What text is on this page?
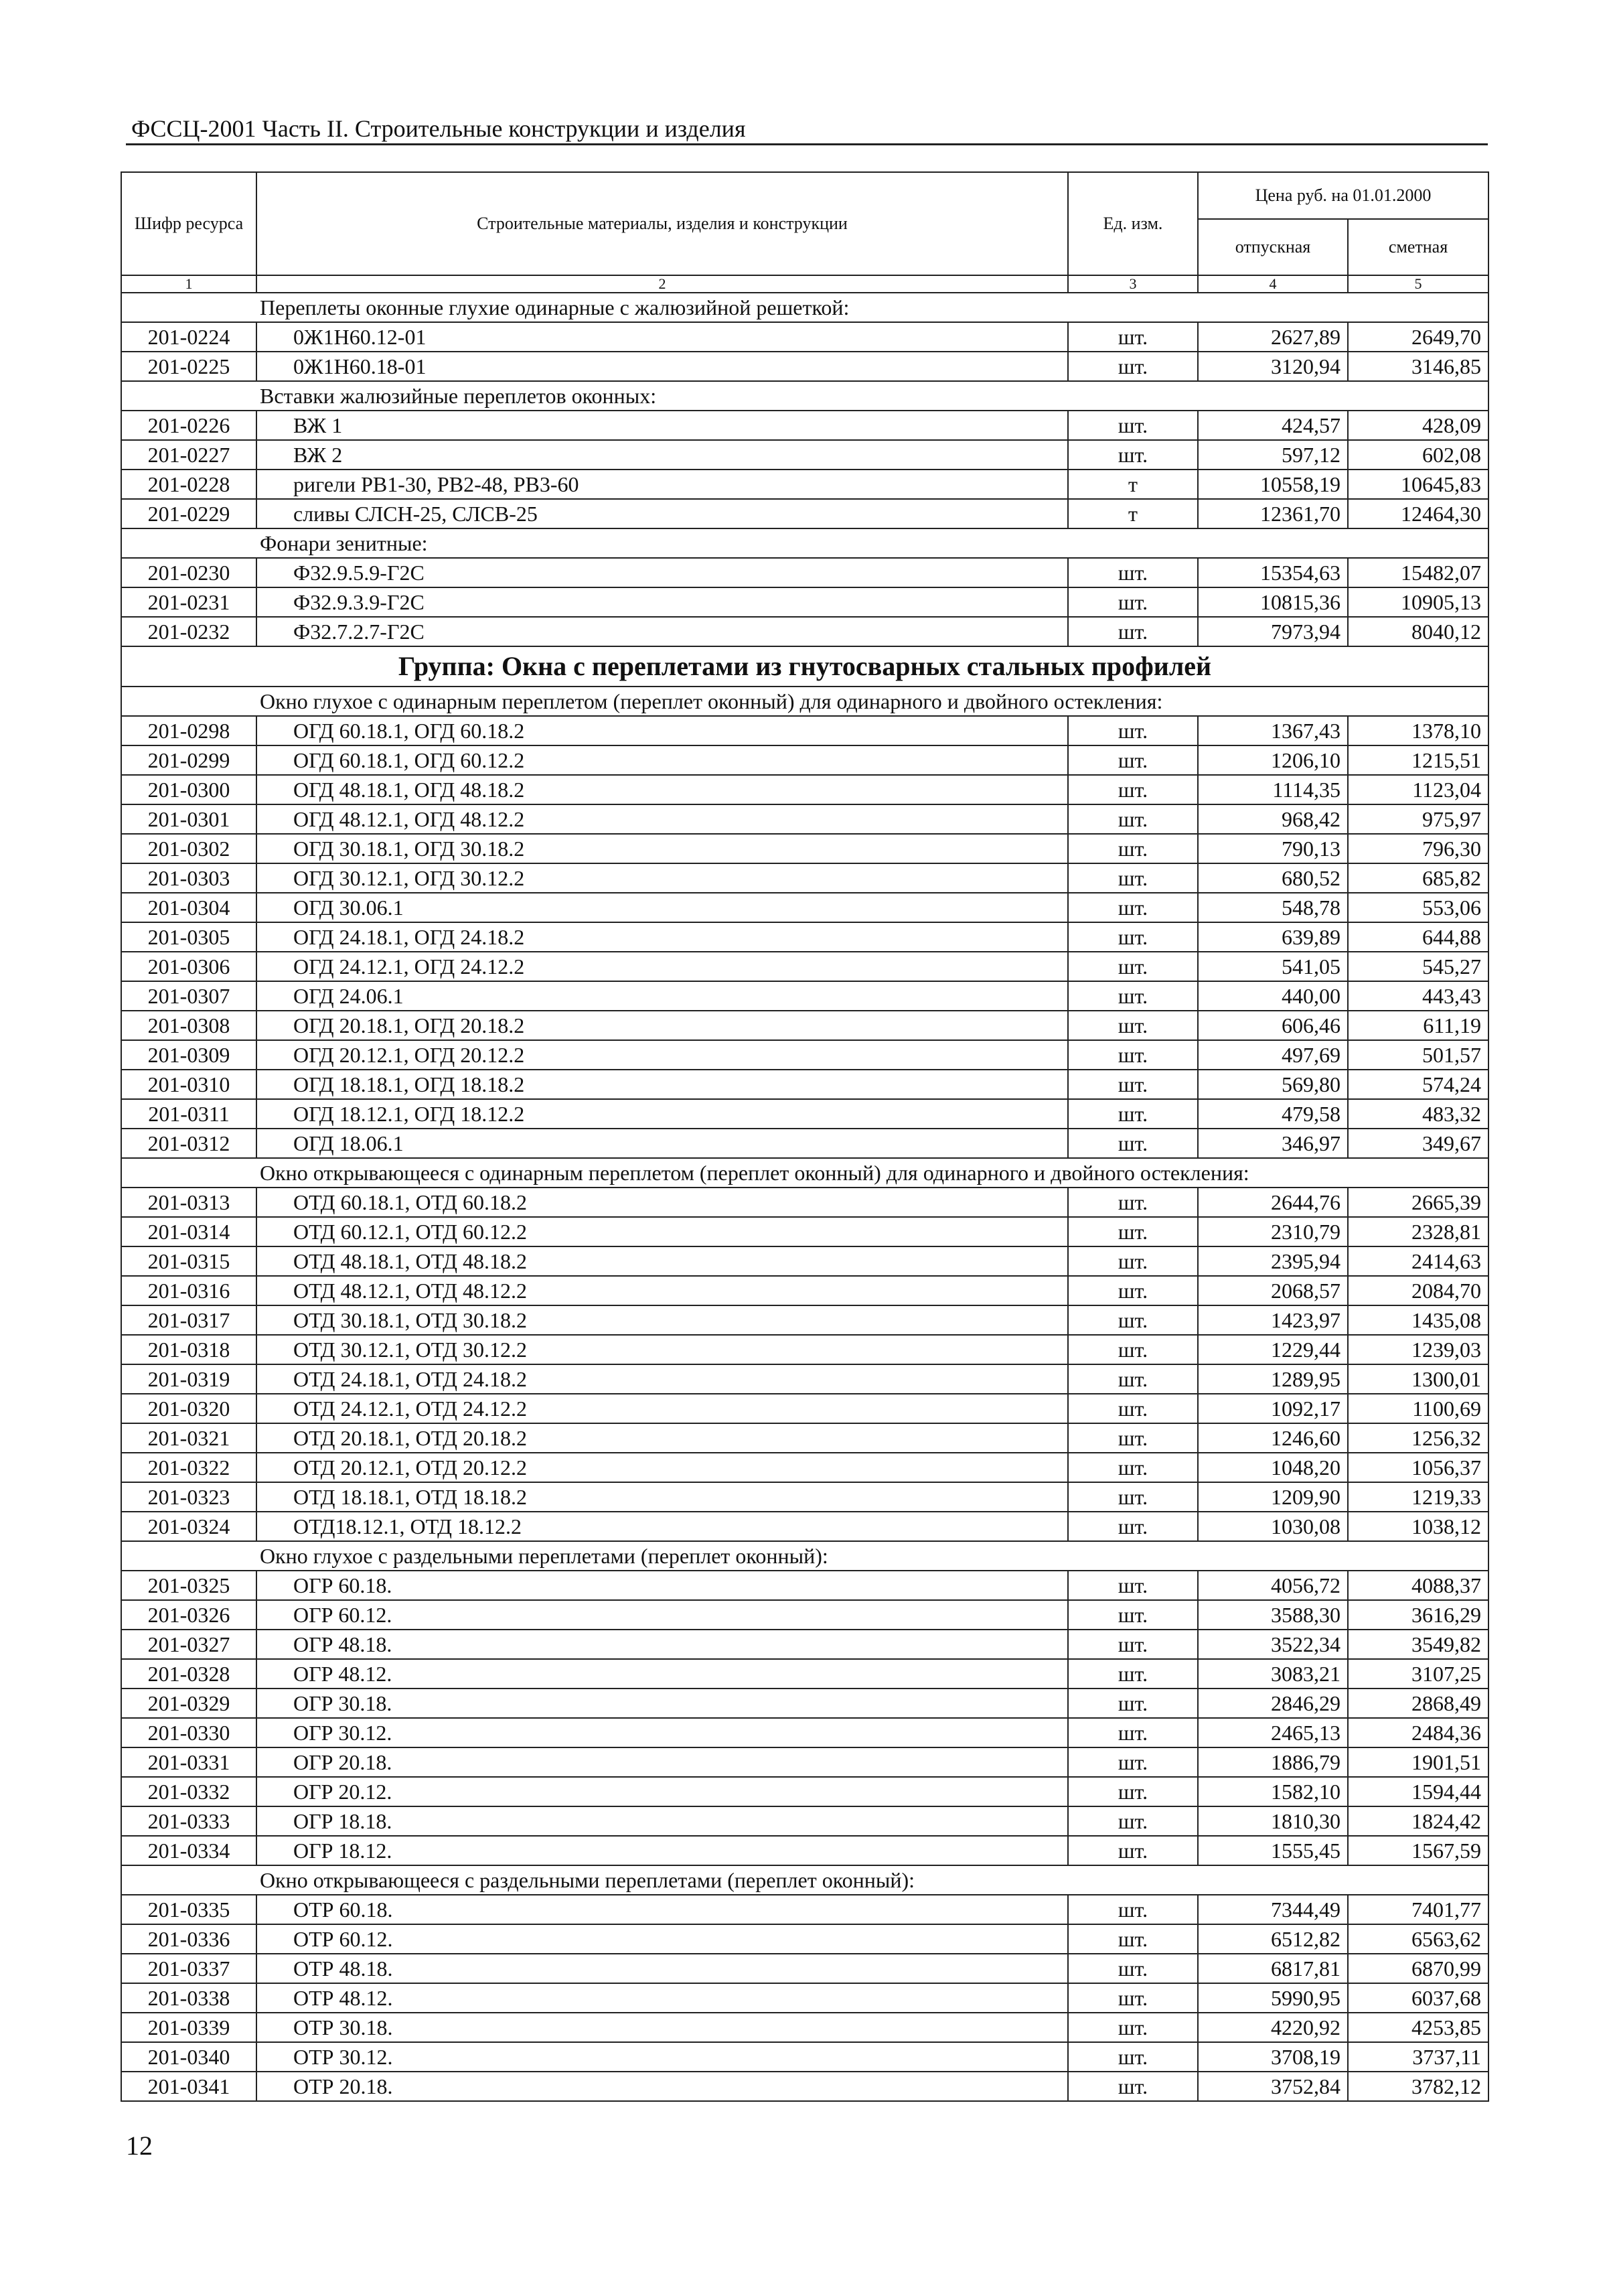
ФССЦ-2001 Часть II. Строительные конструкции и изделия
Шифр ресурса	Строительные материалы, изделия и конструкции	Ед. изм.	Цена руб. на 01.01.2000	
			отпускная	сметная
1	2	3	4	5
Переплеты оконные глухие одинарные с жалюзийной решеткой:				
201-0224	0Ж1Н60.12-01	шт.	2627,89	2649,70
201-0225	0Ж1Н60.18-01	шт.	3120,94	3146,85
Вставки жалюзийные переплетов оконных:				
201-0226	ВЖ 1	шт.	424,57	428,09
201-0227	ВЖ 2	шт.	597,12	602,08
201-0228	ригели РВ1-30, РВ2-48, РВ3-60	т	10558,19	10645,83
201-0229	сливы СЛСН-25, СЛСВ-25	т	12361,70	12464,30
Фонари зенитные:				
201-0230	Ф32.9.5.9-Г2С	шт.	15354,63	15482,07
201-0231	Ф32.9.3.9-Г2С	шт.	10815,36	10905,13
201-0232	Ф32.7.2.7-Г2С	шт.	7973,94	8040,12
Группа: Окна с переплетами из гнутосварных стальных профилей				
Окно глухое с одинарным переплетом (переплет оконный) для одинарного и двойного остекления:				
201-0298	ОГД 60.18.1, ОГД 60.18.2	шт.	1367,43	1378,10
201-0299	ОГД 60.18.1, ОГД 60.12.2	шт.	1206,10	1215,51
201-0300	ОГД 48.18.1, ОГД 48.18.2	шт.	1114,35	1123,04
201-0301	ОГД 48.12.1, ОГД 48.12.2	шт.	968,42	975,97
201-0302	ОГД 30.18.1, ОГД 30.18.2	шт.	790,13	796,30
201-0303	ОГД 30.12.1, ОГД 30.12.2	шт.	680,52	685,82
201-0304	ОГД 30.06.1	шт.	548,78	553,06
201-0305	ОГД 24.18.1, ОГД 24.18.2	шт.	639,89	644,88
201-0306	ОГД 24.12.1, ОГД 24.12.2	шт.	541,05	545,27
201-0307	ОГД 24.06.1	шт.	440,00	443,43
201-0308	ОГД 20.18.1, ОГД 20.18.2	шт.	606,46	611,19
201-0309	ОГД 20.12.1, ОГД 20.12.2	шт.	497,69	501,57
201-0310	ОГД 18.18.1, ОГД 18.18.2	шт.	569,80	574,24
201-0311	ОГД 18.12.1, ОГД 18.12.2	шт.	479,58	483,32
201-0312	ОГД 18.06.1	шт.	346,97	349,67
Окно открывающееся с одинарным переплетом (переплет оконный) для одинарного и двойного остекления:				
201-0313	ОТД 60.18.1, ОТД 60.18.2	шт.	2644,76	2665,39
201-0314	ОТД 60.12.1, ОТД 60.12.2	шт.	2310,79	2328,81
201-0315	ОТД 48.18.1, ОТД 48.18.2	шт.	2395,94	2414,63
201-0316	ОТД 48.12.1, ОТД 48.12.2	шт.	2068,57	2084,70
201-0317	ОТД 30.18.1, ОТД 30.18.2	шт.	1423,97	1435,08
201-0318	ОТД 30.12.1, ОТД 30.12.2	шт.	1229,44	1239,03
201-0319	ОТД 24.18.1, ОТД 24.18.2	шт.	1289,95	1300,01
201-0320	ОТД 24.12.1, ОТД 24.12.2	шт.	1092,17	1100,69
201-0321	ОТД 20.18.1, ОТД 20.18.2	шт.	1246,60	1256,32
201-0322	ОТД 20.12.1, ОТД 20.12.2	шт.	1048,20	1056,37
201-0323	ОТД 18.18.1, ОТД 18.18.2	шт.	1209,90	1219,33
201-0324	ОТД18.12.1, ОТД 18.12.2	шт.	1030,08	1038,12
Окно глухое с раздельными переплетами (переплет оконный):				
201-0325	ОГР 60.18.	шт.	4056,72	4088,37
201-0326	ОГР 60.12.	шт.	3588,30	3616,29
201-0327	ОГР 48.18.	шт.	3522,34	3549,82
201-0328	ОГР 48.12.	шт.	3083,21	3107,25
201-0329	ОГР 30.18.	шт.	2846,29	2868,49
201-0330	ОГР 30.12.	шт.	2465,13	2484,36
201-0331	ОГР 20.18.	шт.	1886,79	1901,51
201-0332	ОГР 20.12.	шт.	1582,10	1594,44
201-0333	ОГР 18.18.	шт.	1810,30	1824,42
201-0334	ОГР 18.12.	шт.	1555,45	1567,59
Окно открывающееся с раздельными переплетами (переплет оконный):				
201-0335	ОТР 60.18.	шт.	7344,49	7401,77
201-0336	ОТР 60.12.	шт.	6512,82	6563,62
201-0337	ОТР 48.18.	шт.	6817,81	6870,99
201-0338	ОТР 48.12.	шт.	5990,95	6037,68
201-0339	ОТР 30.18.	шт.	4220,92	4253,85
201-0340	ОТР 30.12.	шт.	3708,19	3737,11
201-0341	ОТР 20.18.	шт.	3752,84	3782,12
12
